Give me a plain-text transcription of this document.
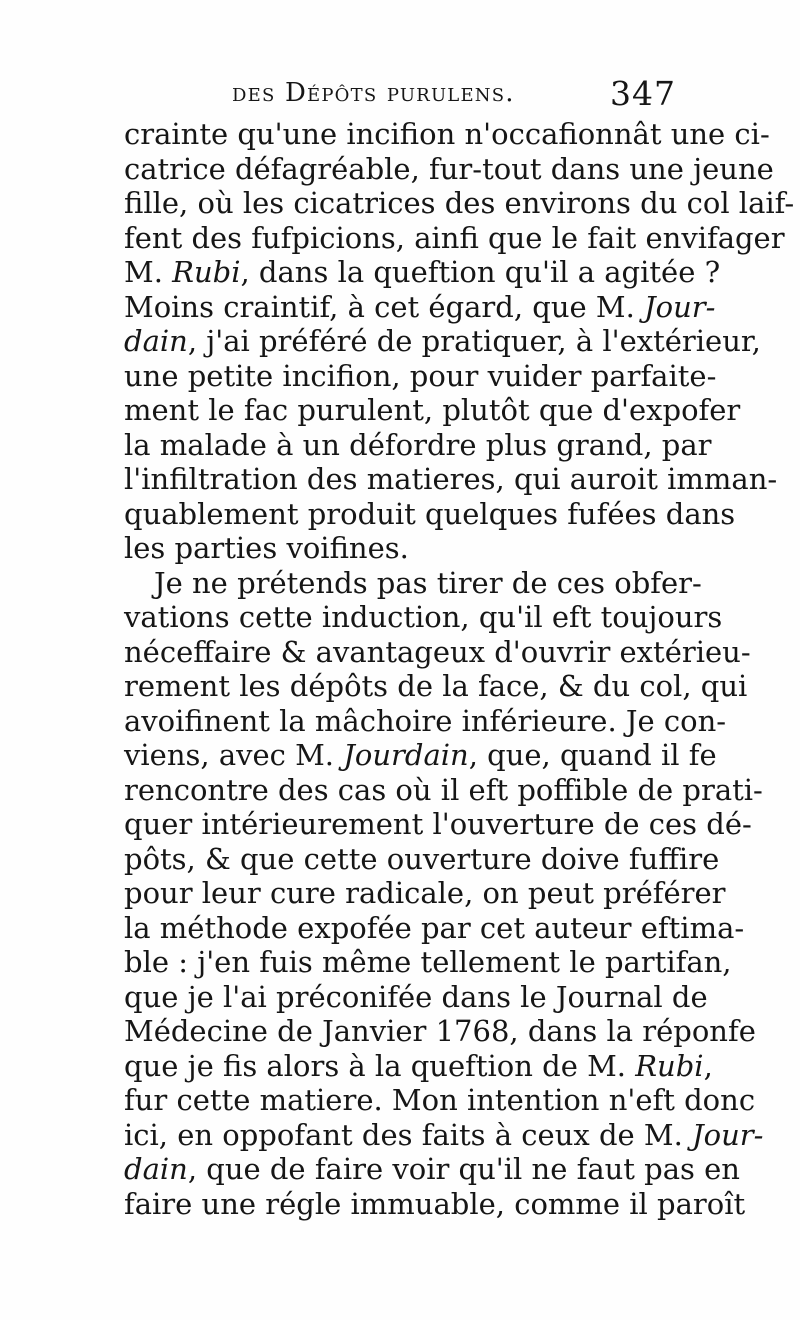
des Dépôts purulens.	347
crainte qu'une incifion n'occafionnât une ci-
catrice défagréable, fur-tout dans une jeune
fille, où les cicatrices des environs du col laif-
fent des fufpicions, ainfi que le fait envifager
M. Rubi, dans la queftion qu'il a agitée ?
Moins craintif, à cet égard, que M. Jour-
dain, j'ai préféré de pratiquer, à l'extérieur,
une petite incifion, pour vuider parfaite-
ment le fac purulent, plutôt que d'expofer
la malade à un défordre plus grand, par
l'infiltration des matieres, qui auroit imman-
quablement produit quelques fufées dans
les parties voifines.
Je ne prétends pas tirer de ces obfer-
vations cette induction, qu'il eft toujours
néceffaire & avantageux d'ouvrir extérieu-
rement les dépôts de la face, & du col, qui
avoifinent la mâchoire inférieure. Je con-
viens, avec M. Jourdain, que, quand il fe
rencontre des cas où il eft poffible de prati-
quer intérieurement l'ouverture de ces dé-
pôts, & que cette ouverture doive fuffire
pour leur cure radicale, on peut préférer
la méthode expofée par cet auteur eftima-
ble : j'en fuis même tellement le partifan,
que je l'ai préconifée dans le Journal de
Médecine de Janvier 1768, dans la réponfe
que je fis alors à la queftion de M. Rubi,
fur cette matiere. Mon intention n'eft donc
ici, en oppofant des faits à ceux de M. Jour-
dain, que de faire voir qu'il ne faut pas en
faire une régle immuable, comme il paroît
